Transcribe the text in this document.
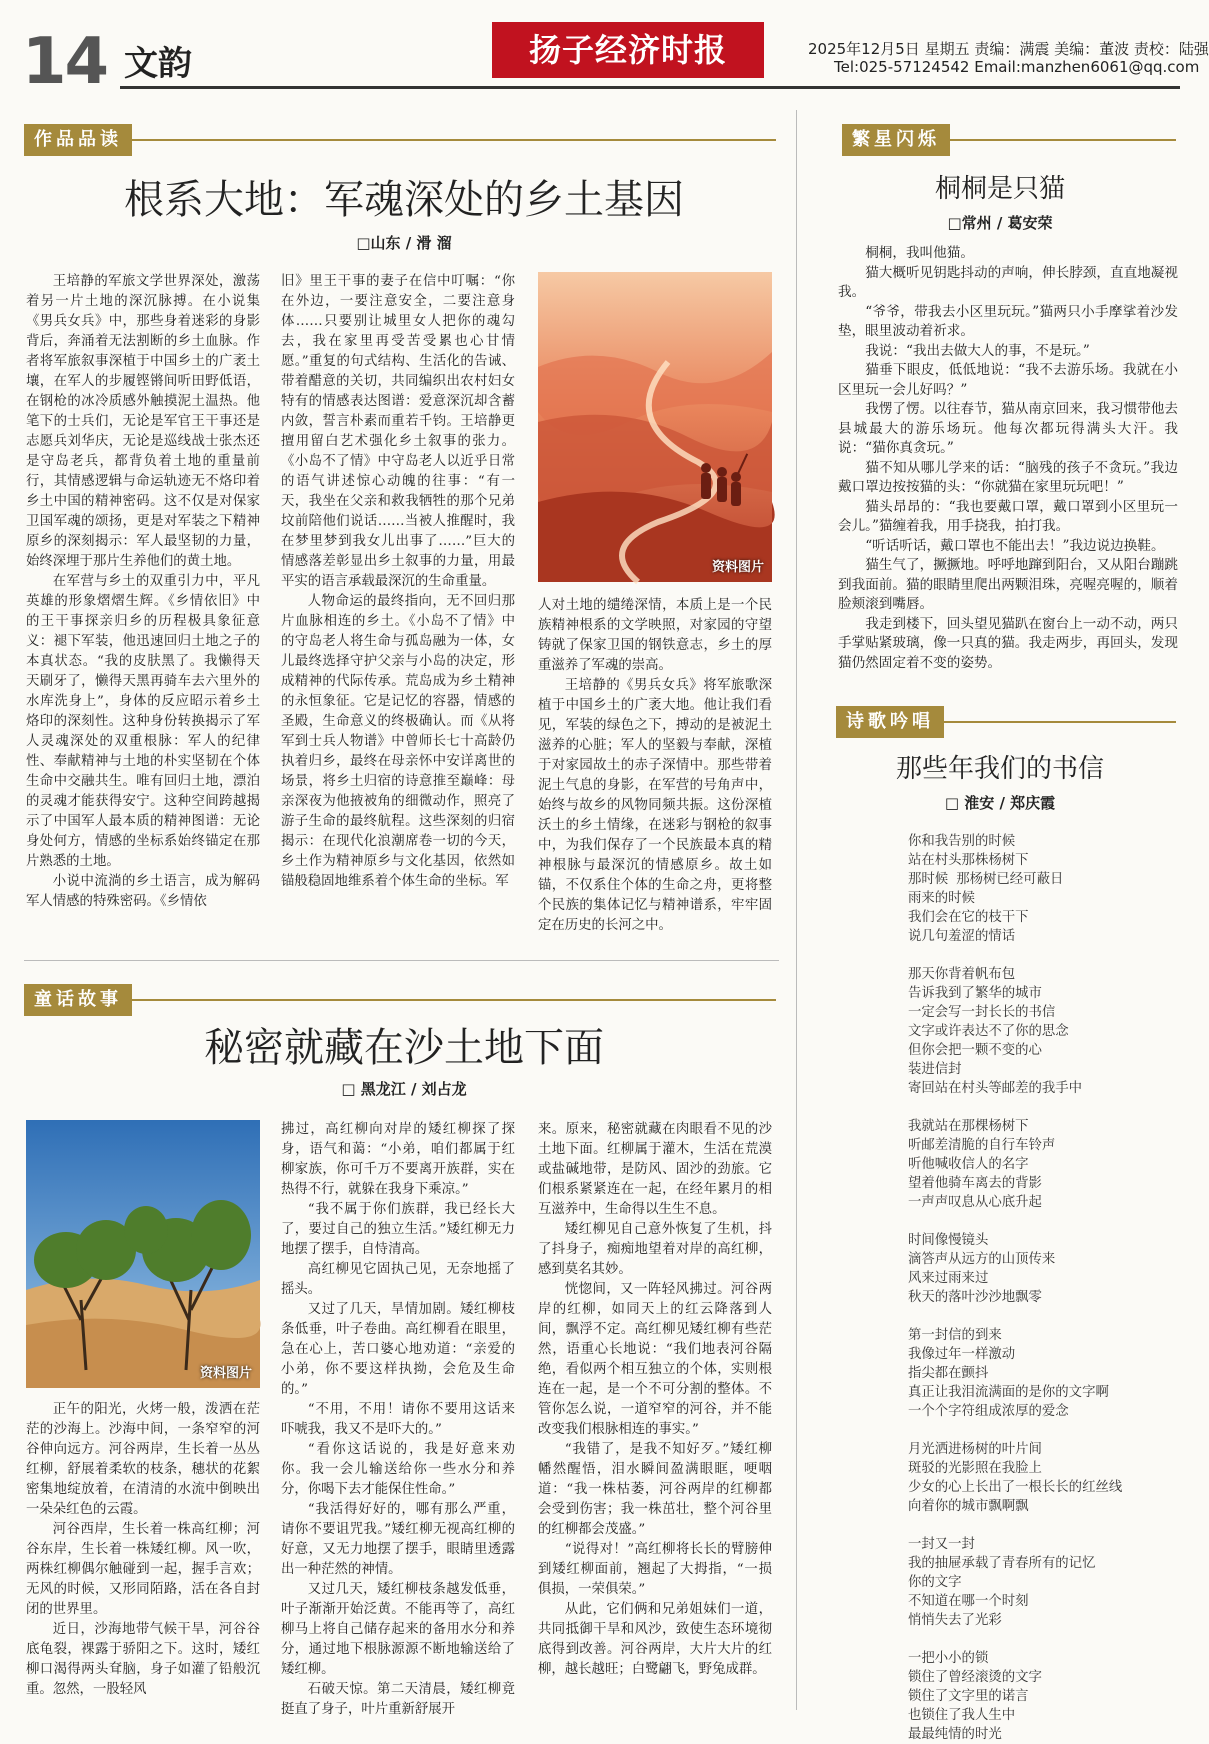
14 文韵	扬子经济时报	2025年12月5日 星期五 责编：满震 美编：董波 责校：陆强
Tel:025-57124542 Email:manzhen6061@qq.com
作品品读
根系大地：军魂深处的乡土基因
□山东 / 滑 溜

王培静的军旅文学世界深处，激荡着另一片土地的深沉脉搏。在小说集《男兵女兵》中，那些身着迷彩的身影背后，奔涌着无法割断的乡土血脉。作者将军旅叙事深植于中国乡土的广袤土壤，在军人的步履铿锵间听田野低语，在钢枪的冰冷质感外触摸泥土温热。他笔下的士兵们，无论是军官王干事还是志愿兵刘华庆，无论是巡线战士张杰还是守岛老兵，都背负着土地的重量前行，其情感逻辑与命运轨迹无不烙印着乡土中国的精神密码。这不仅是对保家卫国军魂的颂扬，更是对军装之下精神原乡的深刻揭示：军人最坚韧的力量，始终深埋于那片生养他们的黄土地。

在军营与乡土的双重引力中，平凡英雄的形象熠熠生辉。《乡情依旧》中的王干事探亲归乡的历程极具象征意义：褪下军装，他迅速回归土地之子的本真状态。“我的皮肤黑了。我懒得天天刷牙了，懒得天黑再骑车去六里外的水库洗身上”，身体的反应昭示着乡土烙印的深刻性。这种身份转换揭示了军人灵魂深处的双重根脉：军人的纪律性、奉献精神与土地的朴实坚韧在个体生命中交融共生。唯有回归土地，漂泊的灵魂才能获得安宁。这种空间跨越揭示了中国军人最本质的精神图谱：无论身处何方，情感的坐标系始终锚定在那片熟悉的土地。

小说中流淌的乡土语言，成为解码军人情感的特殊密码。《乡情依

旧》里王干事的妻子在信中叮嘱：“你在外边，一要注意安全，二要注意身体……只要别让城里女人把你的魂勾去，我在家里再受苦受累也心甘情愿。”重复的句式结构、生活化的告诫、带着醋意的关切，共同编织出农村妇女特有的情感表达图谱：爱意深沉却含蓄内敛，誓言朴素而重若千钧。王培静更擅用留白艺术强化乡土叙事的张力。《小岛不了情》中守岛老人以近乎日常的语气讲述惊心动魄的往事：“有一天，我坐在父亲和救我牺牲的那个兄弟坟前陪他们说话……当被人推醒时，我在梦里梦到我女儿出事了……”巨大的情感落差彰显出乡土叙事的力量，用最平实的语言承载最深沉的生命重量。

人物命运的最终指向，无不回归那片血脉相连的乡土。《小岛不了情》中的守岛老人将生命与孤岛融为一体，女儿最终选择守护父亲与小岛的决定，形成精神的代际传承。荒岛成为乡土精神的永恒象征。它是记忆的容器，情感的圣殿，生命意义的终极确认。而《从将军到士兵人物谱》中曾师长七十高龄仍执着归乡，最终在母亲怀中安详离世的场景，将乡土归宿的诗意推至巅峰：母亲深夜为他掖被角的细微动作，照亮了游子生命的最终航程。这些深刻的归宿揭示：在现代化浪潮席卷一切的今天，乡土作为精神原乡与文化基因，依然如锚般稳固地维系着个体生命的坐标。军

资料图片

人对土地的缱绻深情，本质上是一个民族精神根系的文学映照，对家园的守望铸就了保家卫国的钢铁意志，乡土的厚重滋养了军魂的崇高。

王培静的《男兵女兵》将军旅歌深植于中国乡土的广袤大地。他让我们看见，军装的绿色之下，搏动的是被泥土滋养的心脏；军人的坚毅与奉献，深植于对家园故土的赤子深情中。那些带着泥土气息的身影，在军营的号角声中，始终与故乡的风物同频共振。这份深植沃土的乡土情缘，在迷彩与钢枪的叙事中，为我们保存了一个民族最本真的精神根脉与最深沉的情感原乡。故土如锚，不仅系住个体的生命之舟，更将整个民族的集体记忆与精神谱系，牢牢固定在历史的长河之中。

童话故事
秘密就藏在沙土地下面
□ 黑龙江 / 刘占龙
资料图片

正午的阳光，火烤一般，泼洒在茫茫的沙海上。沙海中间，一条窄窄的河谷伸向远方。河谷两岸，生长着一丛丛红柳，舒展着柔软的枝条，穗状的花絮密集地绽放着，在清清的水流中倒映出一朵朵红色的云霞。

河谷西岸，生长着一株高红柳；河谷东岸，生长着一株矮红柳。风一吹，两株红柳偶尔触碰到一起，握手言欢；无风的时候，又形同陌路，活在各自封闭的世界里。

近日，沙海地带气候干旱，河谷谷底龟裂，裸露于骄阳之下。这时，矮红柳口渴得两头耷脑，身子如灌了铅般沉重。忽然，一股轻风

拂过，高红柳向对岸的矮红柳探了探身，语气和蔼：“小弟，咱们都属于红柳家族，你可千万不要离开族群，实在热得不行，就躲在我身下乘凉。”

“我不属于你们族群，我已经长大了，要过自己的独立生活。”矮红柳无力地摆了摆手，自恃清高。

高红柳见它固执己见，无奈地摇了摇头。

又过了几天，旱情加剧。矮红柳枝条低垂，叶子卷曲。高红柳看在眼里，急在心上，苦口婆心地劝道：“亲爱的小弟，你不要这样执拗，会危及生命的。”

“不用，不用！请你不要用这话来吓唬我，我又不是吓大的。”

“看你这话说的，我是好意来劝你。我一会儿输送给你一些水分和养分，你喝下去才能保住性命。”

“我活得好好的，哪有那么严重，请你不要诅咒我。”矮红柳无视高红柳的好意，又无力地摆了摆手，眼睛里透露出一种茫然的神情。

又过几天，矮红柳枝条越发低垂，叶子渐渐开始泛黄。不能再等了，高红柳马上将自己储存起来的备用水分和养分，通过地下根脉源源不断地输送给了矮红柳。

石破天惊。第二天清晨，矮红柳竟挺直了身子，叶片重新舒展开

来。原来，秘密就藏在肉眼看不见的沙土地下面。红柳属于灌木，生活在荒漠或盐碱地带，是防风、固沙的劲旅。它们根系紧紧连在一起，在经年累月的相互滋养中，生命得以生生不息。

矮红柳见自己意外恢复了生机，抖了抖身子，痴痴地望着对岸的高红柳，感到莫名其妙。

恍惚间，又一阵轻风拂过。河谷两岸的红柳，如同天上的红云降落到人间，飘浮不定。高红柳见矮红柳有些茫然，语重心长地说：“我们地表河谷隔绝，看似两个相互独立的个体，实则根连在一起，是一个不可分割的整体。不管你怎么说，一道窄窄的河谷，并不能改变我们根脉相连的事实。”

“我错了，是我不知好歹。”矮红柳幡然醒悟，泪水瞬间盈满眼眶，哽咽道：“我一株枯萎，河谷两岸的红柳都会受到伤害；我一株茁壮，整个河谷里的红柳都会茂盛。”

“说得对！”高红柳将长长的臂膀伸到矮红柳面前，翘起了大拇指，“一损俱损，一荣俱荣。”

从此，它们俩和兄弟姐妹们一道，共同抵御干旱和风沙，致使生态环境彻底得到改善。河谷两岸，大片大片的红柳，越长越旺；白鹭翩飞，野兔成群。

繁星闪烁
桐桐是只猫
□常州 / 葛安荣

桐桐，我叫他猫。

猫大概听见钥匙抖动的声响，伸长脖颈，直直地凝视我。

“爷爷，带我去小区里玩玩。”猫两只小手摩挲着沙发垫，眼里波动着祈求。

我说：“我出去做大人的事，不是玩。”

猫垂下眼皮，低低地说：“我不去游乐场。我就在小区里玩一会儿好吗？”

我愣了愣。以往春节，猫从南京回来，我习惯带他去县城最大的游乐场玩。他每次都玩得满头大汗。我说：“猫你真贪玩。”

猫不知从哪儿学来的话：“脑残的孩子不贪玩。”我边戴口罩边按按猫的头：“你就猫在家里玩玩吧！”

猫头昂昂的：“我也要戴口罩，戴口罩到小区里玩一会儿。”猫缠着我，用手挠我，拍打我。

“听话听话，戴口罩也不能出去！”我边说边换鞋。

猫生气了，撅撅地。呼呼地蹿到阳台，又从阳台蹦跳到我面前。猫的眼睛里爬出两颗泪珠，亮喔亮喔的，顺着脸颊滚到嘴唇。

我走到楼下，回头望见猫趴在窗台上一动不动，两只手掌贴紧玻璃，像一只真的猫。我走两步，再回头，发现猫仍然固定着不变的姿势。

诗歌吟唱
那些年我们的书信
□ 淮安 / 郑庆霞
你和我告别的时候
站在村头那株杨树下
那时候 那杨树已经可蔽日
雨来的时候
我们会在它的枝干下
说几句羞涩的情话
那天你背着帆布包
告诉我到了繁华的城市
一定会写一封长长的书信
文字或许表达不了你的思念
但你会把一颗不变的心
装进信封
寄回站在村头等邮差的我手中
我就站在那棵杨树下
听邮差清脆的自行车铃声
听他喊收信人的名字
望着他骑车离去的背影
一声声叹息从心底升起
时间像慢镜头
滴答声从远方的山顶传来
风来过雨来过
秋天的落叶沙沙地飘零
第一封信的到来
我像过年一样激动
指尖都在颤抖
真正让我泪流满面的是你的文字啊
一个个字符组成浓厚的爱念
月光洒进杨树的叶片间
斑驳的光影照在我脸上
少女的心上长出了一根长长的红丝线
向着你的城市飘啊飘
一封又一封
我的抽屉承载了青春所有的记忆
你的文字
不知道在哪一个时刻
悄悄失去了光彩
一把小小的锁
锁住了曾经滚烫的文字
锁住了文字里的诺言
也锁住了我人生中
最最纯情的时光
